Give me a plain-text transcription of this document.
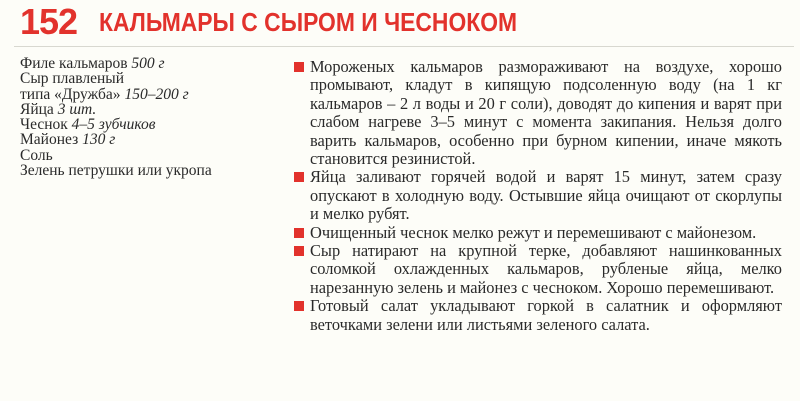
152 КАЛЬМАРЫ С СЫРОМ И ЧЕСНОКОМ
Филе кальмаров 500 г
Сыр плавленый
типа «Дружба» 150–200 г
Яйца 3 шт.
Чеснок 4–5 зубчиков
Майонез 130 г
Соль
Зелень петрушки или укропа
Мороженых кальмаров размораживают на воздухе, хорошо промывают, кладут в кипящую подсоленную воду (на 1 кг кальмаров – 2 л воды и 20 г соли), доводят до кипения и варят при слабом нагреве 3–5 минут с момента закипания. Нельзя долго варить кальмаров, особенно при бурном кипении, иначе мякоть становится резинистой.
Яйца заливают горячей водой и варят 15 минут, затем сразу опускают в холодную воду. Остывшие яйца очищают от скорлупы и мелко рубят.
Очищенный чеснок мелко режут и перемешивают с майонезом.
Сыр натирают на крупной терке, добавляют нашинкованных соломкой охлажденных кальмаров, рубленые яйца, мелко нарезанную зелень и майонез с чесноком. Хорошо перемешивают.
Готовый салат укладывают горкой в салатник и оформляют веточками зелени или листьями зеленого салата.
